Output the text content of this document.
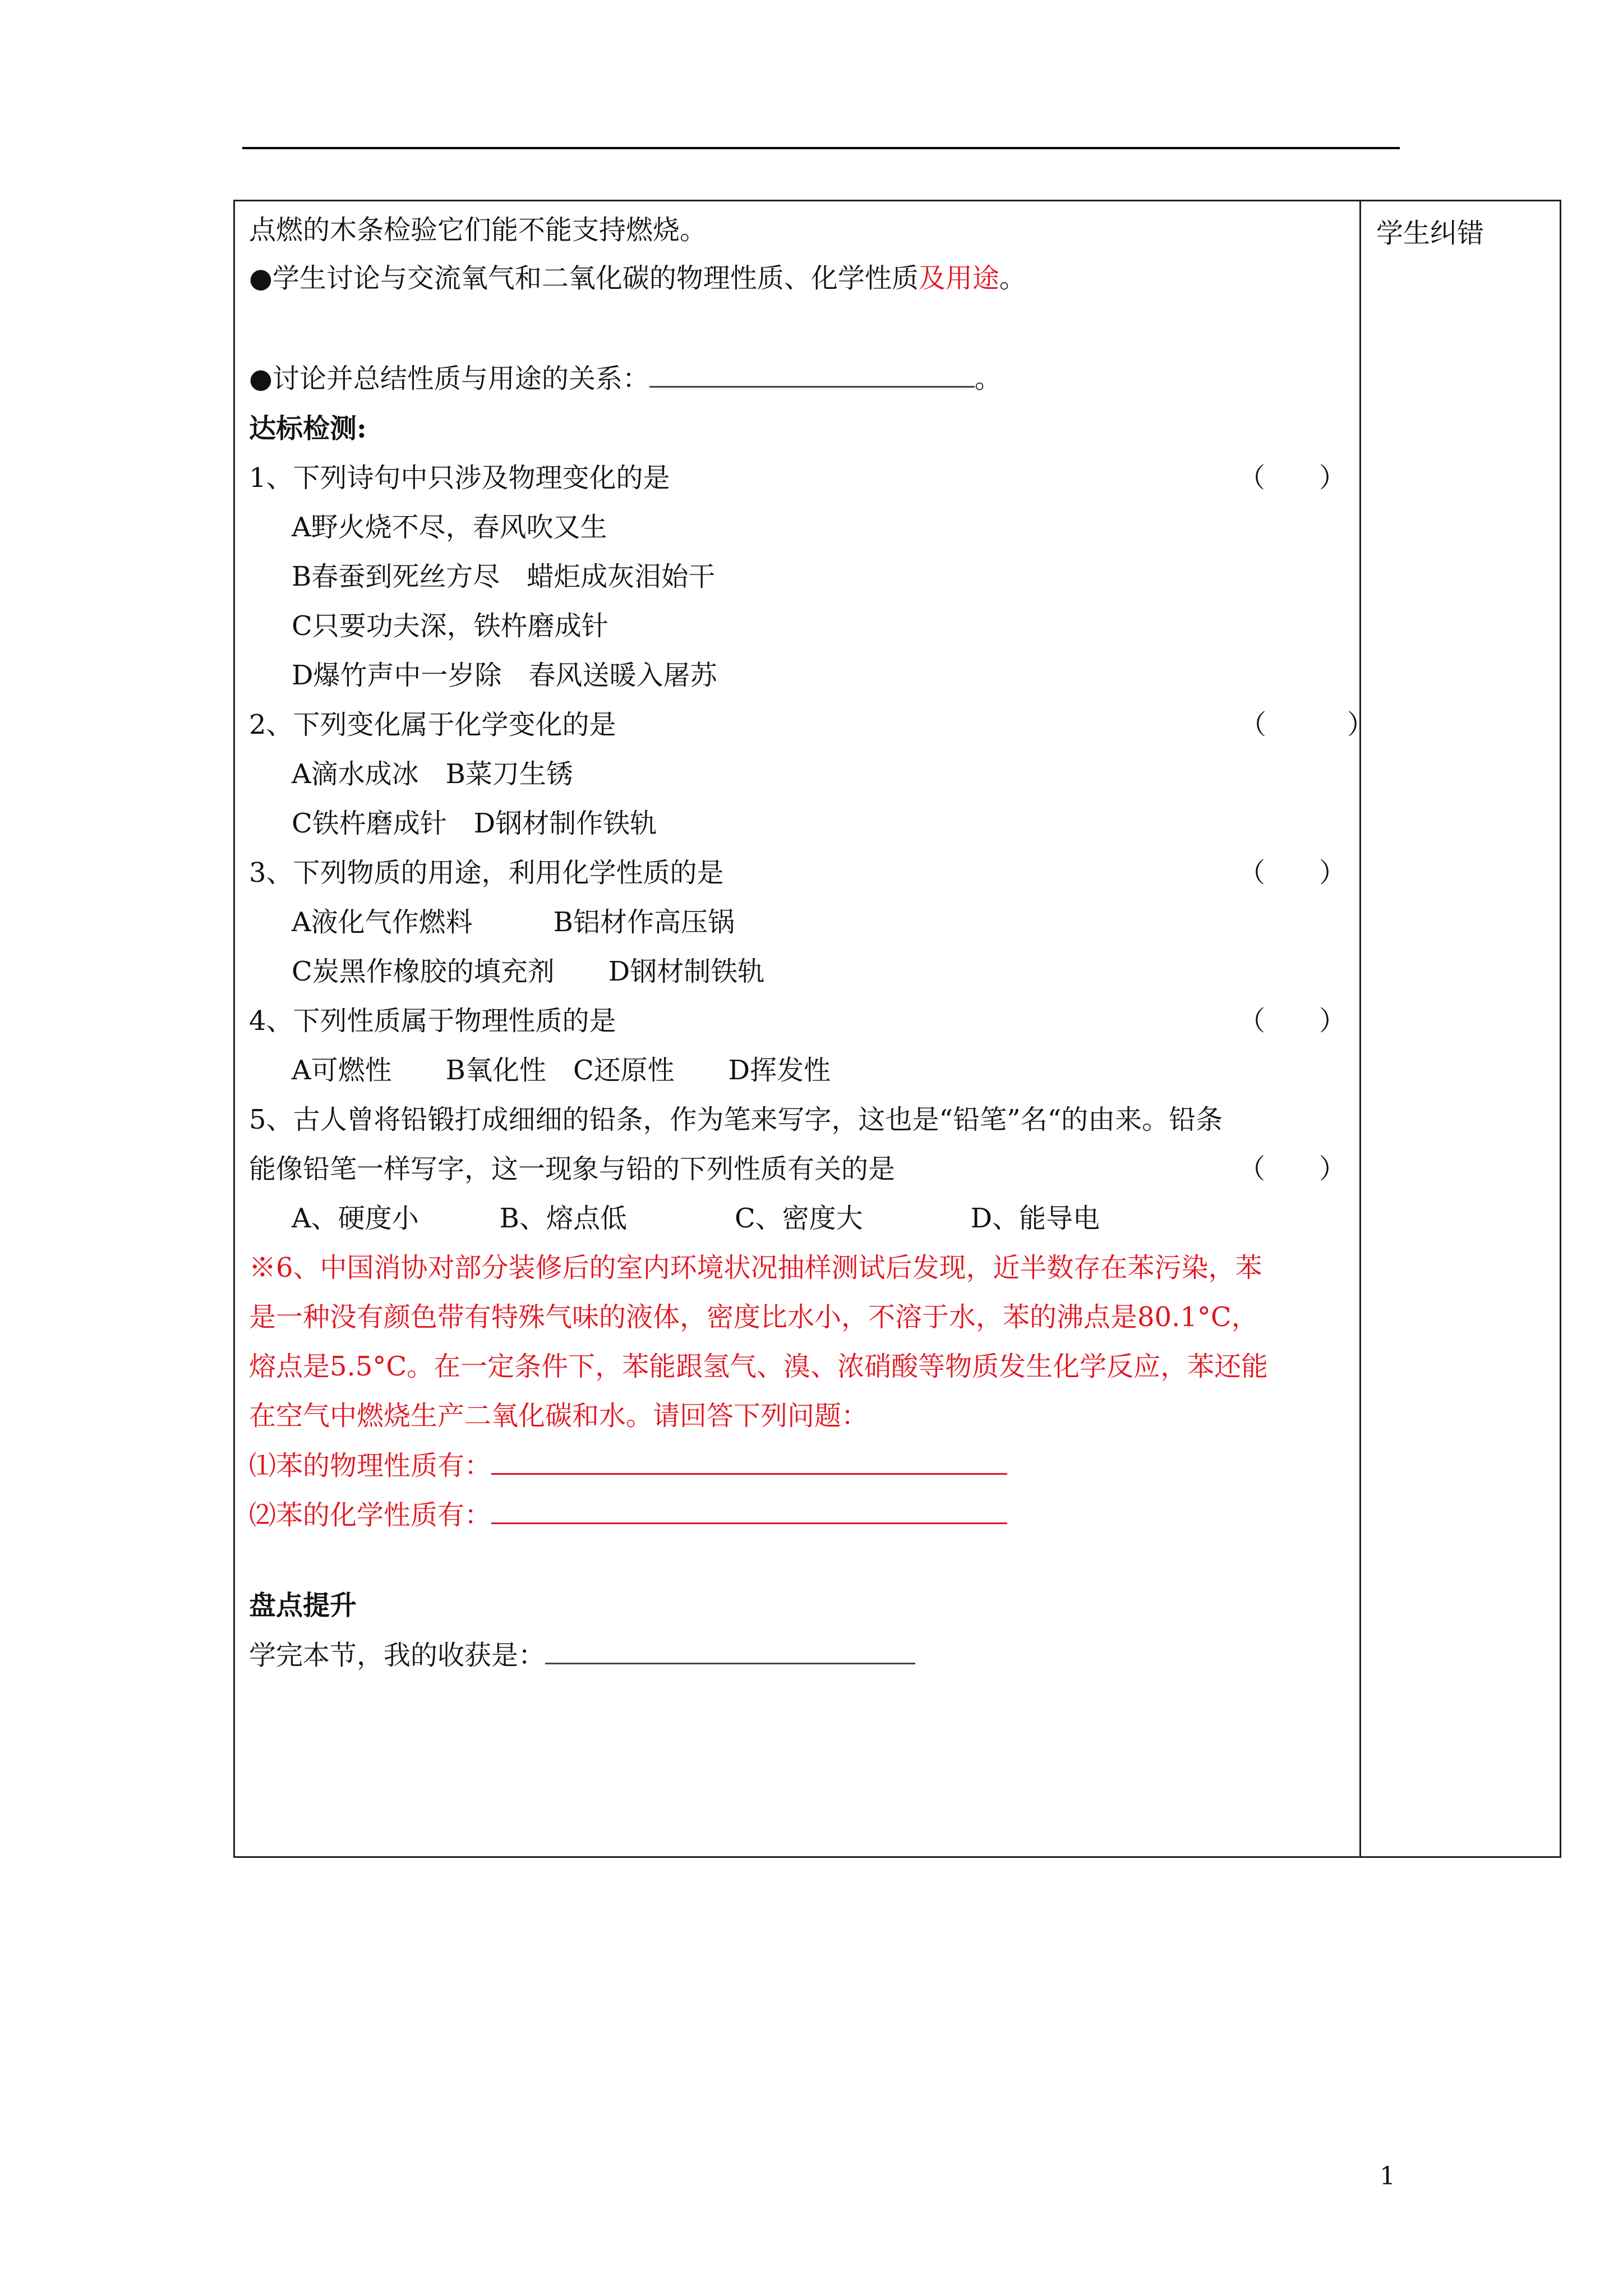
学生纠错
点燃的木条检验它们能不能支持燃烧。
●学生讨论与交流氧气和二氧化碳的物理性质、化学性质及用途。
●讨论并总结性质与用途的关系：	。
达标检测:
1、下列诗句中只涉及物理变化的是	（　　）
A野火烧不尽，春风吹又生
B春蚕到死丝方尽　蜡炬成灰泪始干
C只要功夫深，铁杵磨成针
D爆竹声中一岁除　春风送暖入屠苏
2、下列变化属于化学变化的是	（　　　）
A滴水成冰　B菜刀生锈
C铁杵磨成针　D钢材制作铁轨
3、下列物质的用途，利用化学性质的是	（　　）
A液化气作燃料　　　B铝材作高压锅
C炭黑作橡胶的填充剂　　D钢材制铁轨
4、下列性质属于物理性质的是	（　　）
A可燃性　　B氧化性　C还原性　　D挥发性
5、古人曾将铅锻打成细细的铅条，作为笔来写字，这也是“铅笔”名“的由来。铅条
能像铅笔一样写字，这一现象与铅的下列性质有关的是	（　　）
A、硬度小　　　B、熔点低　　　　C、密度大　　　　D、能导电
※6、中国消协对部分装修后的室内环境状况抽样测试后发现，近半数存在苯污染，苯
是一种没有颜色带有特殊气味的液体，密度比水小，不溶于水，苯的沸点是80.1°C，
熔点是5.5°C。在一定条件下，苯能跟氢气、溴、浓硝酸等物质发生化学反应，苯还能
在空气中燃烧生产二氧化碳和水。请回答下列问题：
⑴苯的物理性质有：
⑵苯的化学性质有：
盘点提升
学完本节，我的收获是：
1
